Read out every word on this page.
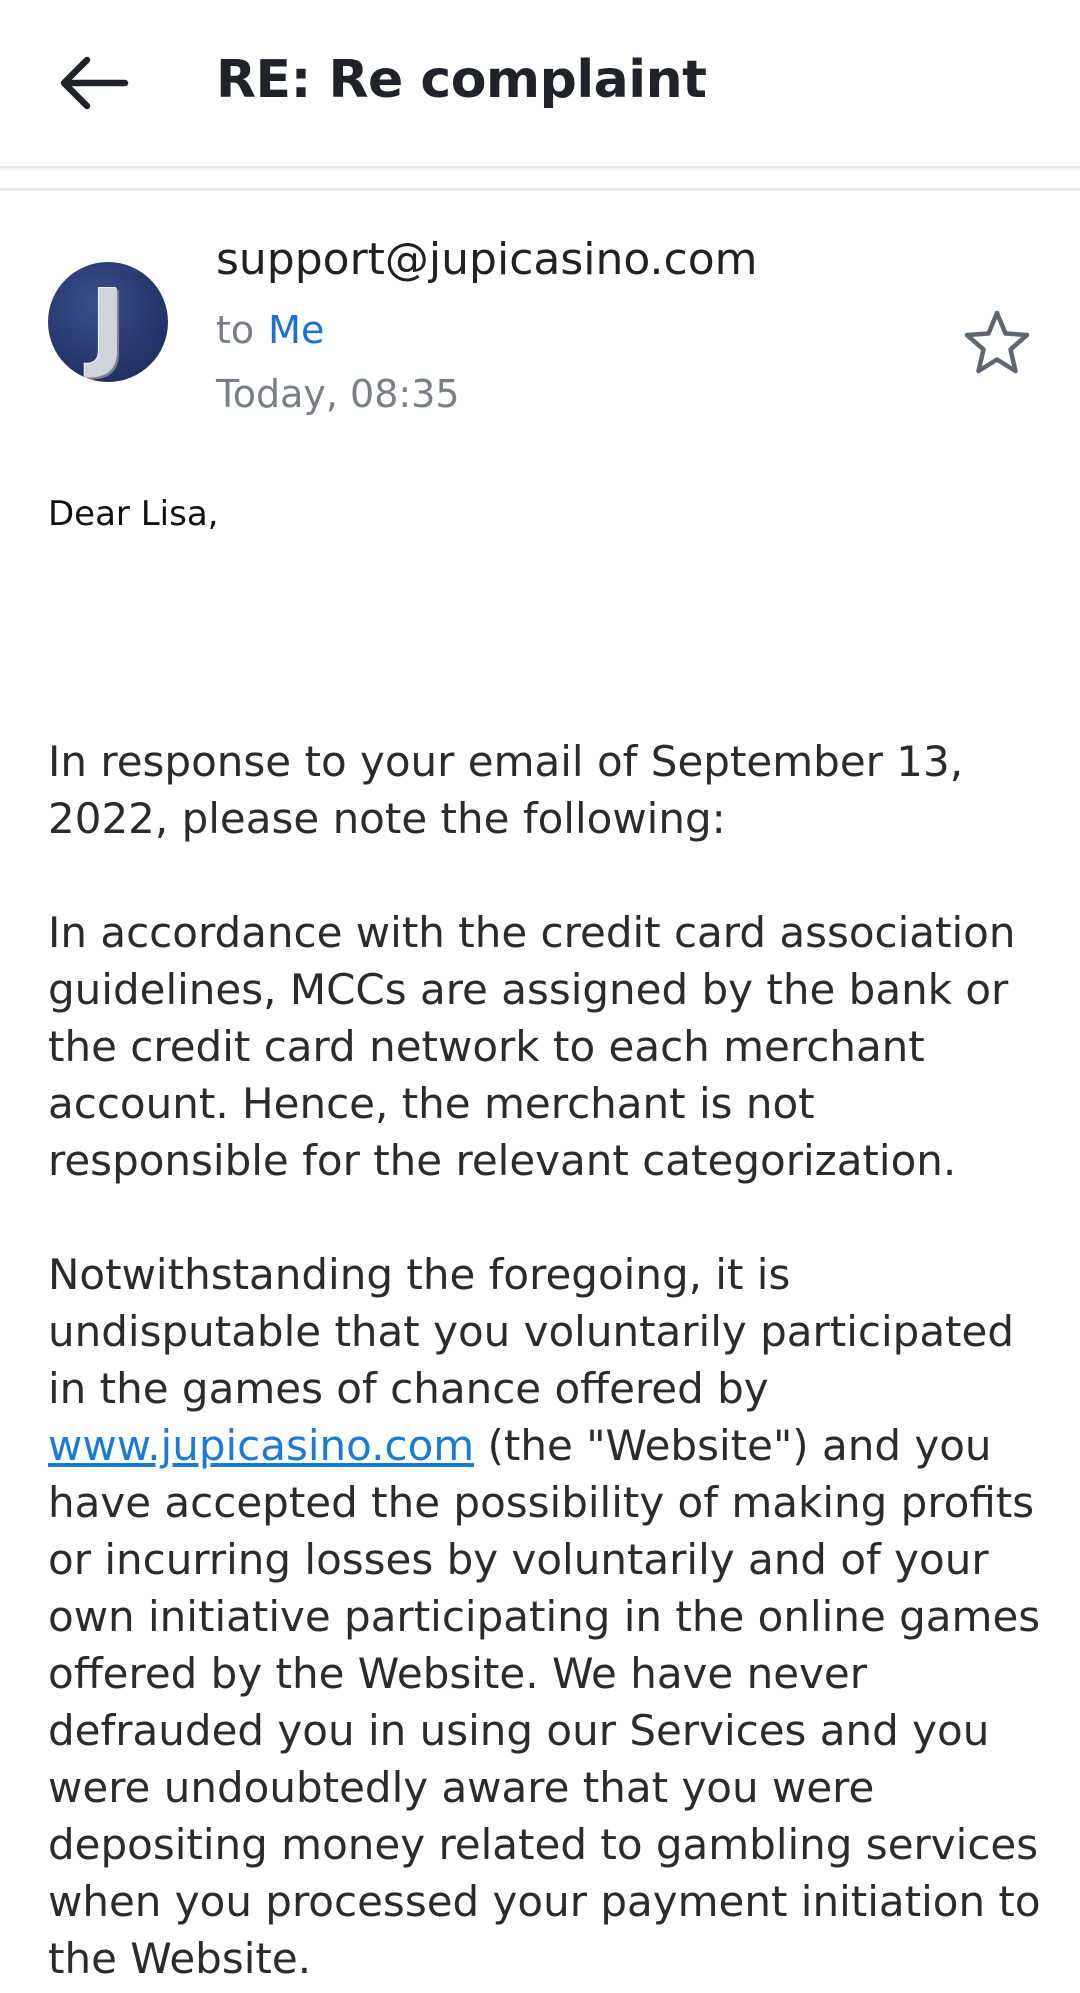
RE: Re complaint
J
support@jupicasino.com
to Me
Today, 08:35
Dear Lisa,

In response to your email of September 13, 2022, please note the following:

In accordance with the credit card association guidelines, MCCs are assigned by the bank or the credit card network to each merchant account. Hence, the merchant is not responsible for the relevant categorization.

Notwithstanding the foregoing, it is undisputable that you voluntarily participated in the games of chance offered by www.jupicasino.com (the "Website") and you have accepted the possibility of making profits or incurring losses by voluntarily and of your own initiative participating in the online games offered by the Website. We have never defrauded you in using our Services and you were undoubtedly aware that you were depositing money related to gambling services when you processed your payment initiation to the Website.
